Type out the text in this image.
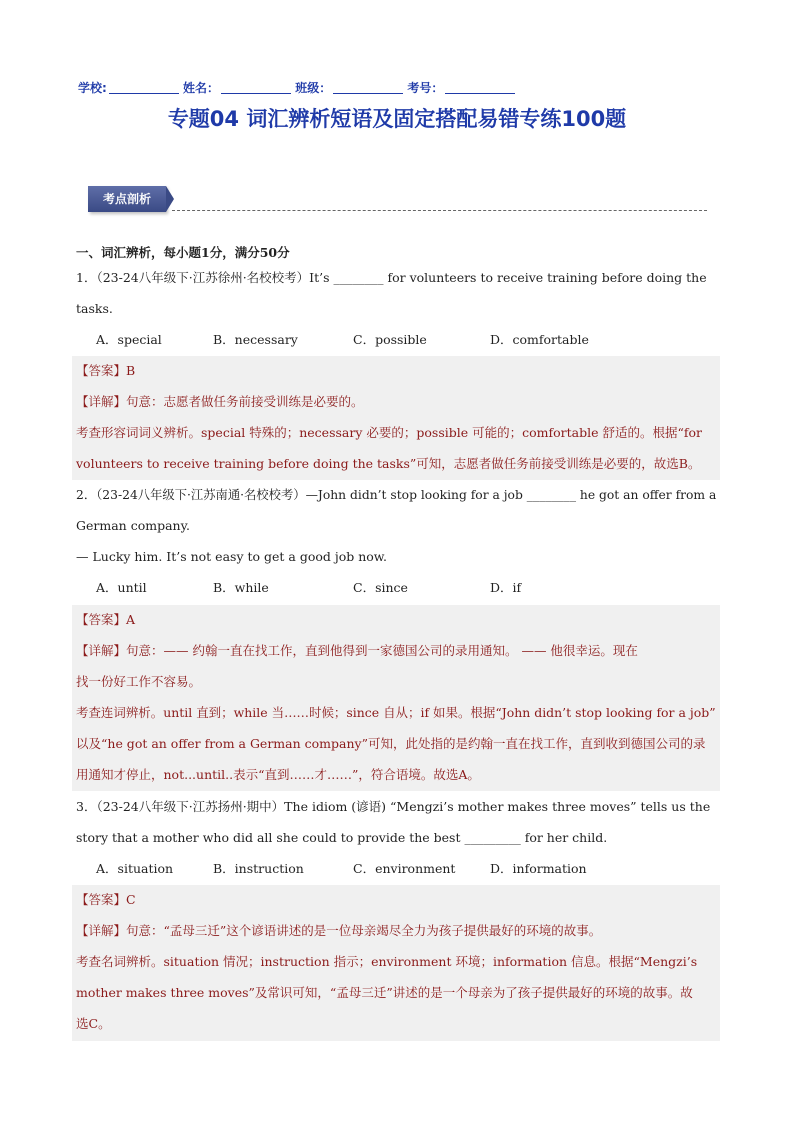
学校:	姓名：	班级：	考号：
专题04 词汇辨析短语及固定搭配易错专练100题
考点剖析
一、词汇辨析，每小题1分，满分50分
1．（23-24八年级下·江苏徐州·名校校考）It’s ________ for volunteers to receive training before doing the
tasks.
A．special	B．necessary	C．possible	D．comfortable
【答案】B
【详解】句意：志愿者做任务前接受训练是必要的。
考查形容词词义辨析。special 特殊的；necessary 必要的；possible 可能的；comfortable 舒适的。根据“for
volunteers to receive training before doing the tasks”可知，志愿者做任务前接受训练是必要的，故选B。
2．（23-24八年级下·江苏南通·名校校考）—John didn’t stop looking for a job ________ he got an offer from a
German company.
— Lucky him. It’s not easy to get a good job now.
A．until	B．while	C．since	D．if
【答案】A
【详解】句意：—— 约翰一直在找工作，直到他得到一家德国公司的录用通知。 —— 他很幸运。现在
找一份好工作不容易。
考查连词辨析。until 直到；while 当……时候；since 自从；if 如果。根据“John didn’t stop looking for a job”
以及“he got an offer from a German company”可知，此处指的是约翰一直在找工作，直到收到德国公司的录
用通知才停止，not...until..表示“直到……才……”，符合语境。故选A。
3．（23-24八年级下·江苏扬州·期中）The idiom (谚语) “Mengzi’s mother makes three moves” tells us the
story that a mother who did all she could to provide the best _________ for her child.
A．situation	B．instruction	C．environment	D．information
【答案】C
【详解】句意：“孟母三迁”这个谚语讲述的是一位母亲竭尽全力为孩子提供最好的环境的故事。
考查名词辨析。situation 情况；instruction 指示；environment 环境；information 信息。根据“Mengzi’s
mother makes three moves”及常识可知，“孟母三迁”讲述的是一个母亲为了孩子提供最好的环境的故事。故
选C。
